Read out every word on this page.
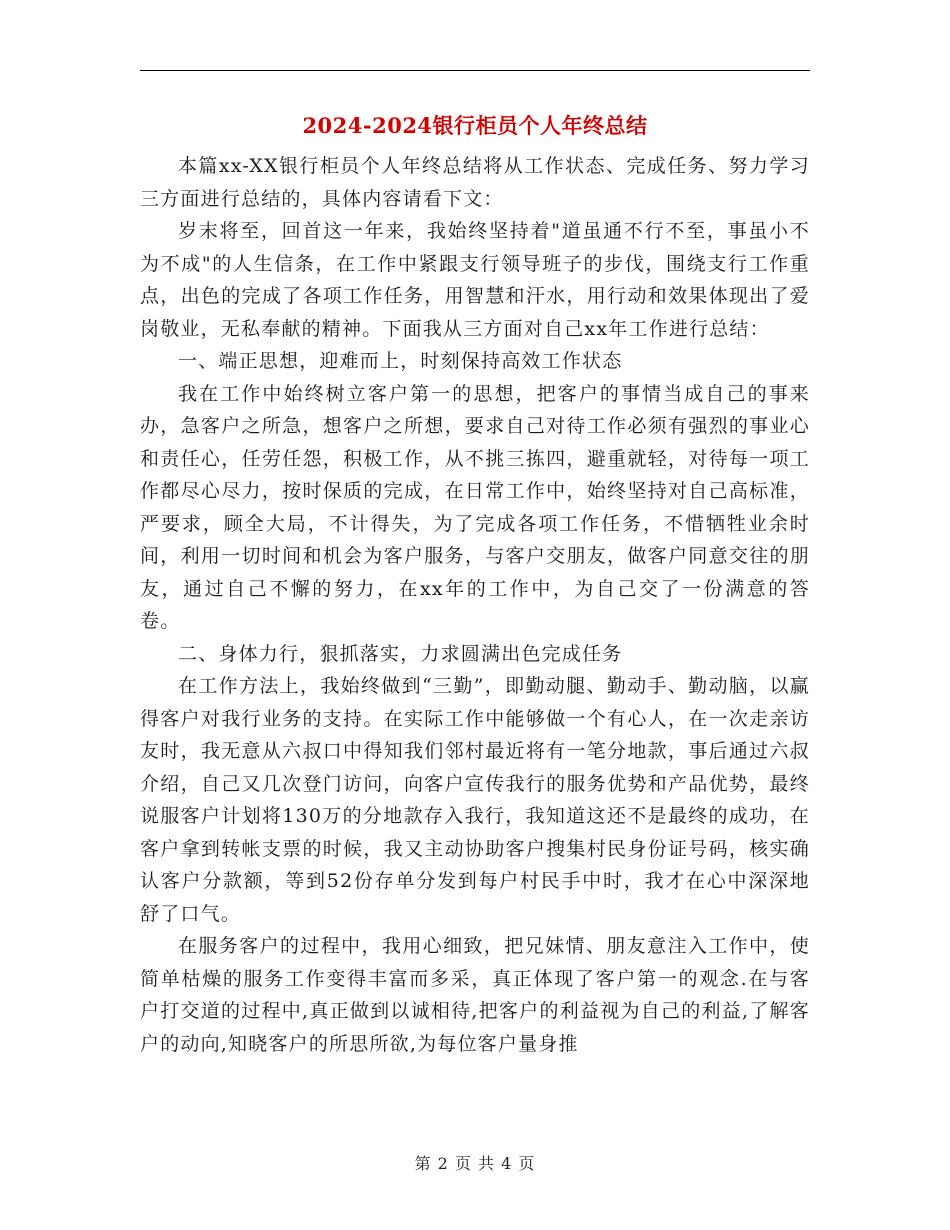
2024-2024银行柜员个人年终总结

本篇xx-XX银行柜员个人年终总结将从工作状态、完成任务、努力学习三方面进行总结的，具体内容请看下文：

岁末将至，回首这一年来，我始终坚持着"道虽通不行不至，事虽小不为不成"的人生信条，在工作中紧跟支行领导班子的步伐，围绕支行工作重点，出色的完成了各项工作任务，用智慧和汗水，用行动和效果体现出了爱岗敬业，无私奉献的精神。下面我从三方面对自己xx年工作进行总结：

一、端正思想，迎难而上，时刻保持高效工作状态

我在工作中始终树立客户第一的思想，把客户的事情当成自己的事来办，急客户之所急，想客户之所想，要求自己对待工作必须有强烈的事业心和责任心，任劳任怨，积极工作，从不挑三拣四，避重就轻，对待每一项工作都尽心尽力，按时保质的完成，在日常工作中，始终坚持对自己高标准，严要求，顾全大局，不计得失，为了完成各项工作任务，不惜牺牲业余时间，利用一切时间和机会为客户服务，与客户交朋友，做客户同意交往的朋友，通过自己不懈的努力，在xx年的工作中，为自己交了一份满意的答卷。

二、身体力行，狠抓落实，力求圆满出色完成任务

在工作方法上，我始终做到“三勤”，即勤动腿、勤动手、勤动脑，以赢得客户对我行业务的支持。在实际工作中能够做一个有心人，在一次走亲访友时，我无意从六叔口中得知我们邻村最近将有一笔分地款，事后通过六叔介绍，自己又几次登门访问，向客户宣传我行的服务优势和产品优势，最终说服客户计划将130万的分地款存入我行，我知道这还不是最终的成功，在客户拿到转帐支票的时候，我又主动协助客户搜集村民身份证号码，核实确认客户分款额，等到52份存单分发到每户村民手中时，我才在心中深深地舒了口气。

在服务客户的过程中，我用心细致，把兄妹情、朋友意注入工作中，使简单枯燥的服务工作变得丰富而多采，真正体现了客户第一的观念.在与客户打交道的过程中,真正做到以诚相待,把客户的利益视为自己的利益,了解客户的动向,知晓客户的所思所欲,为每位客户量身推

第 2 页 共 4 页
